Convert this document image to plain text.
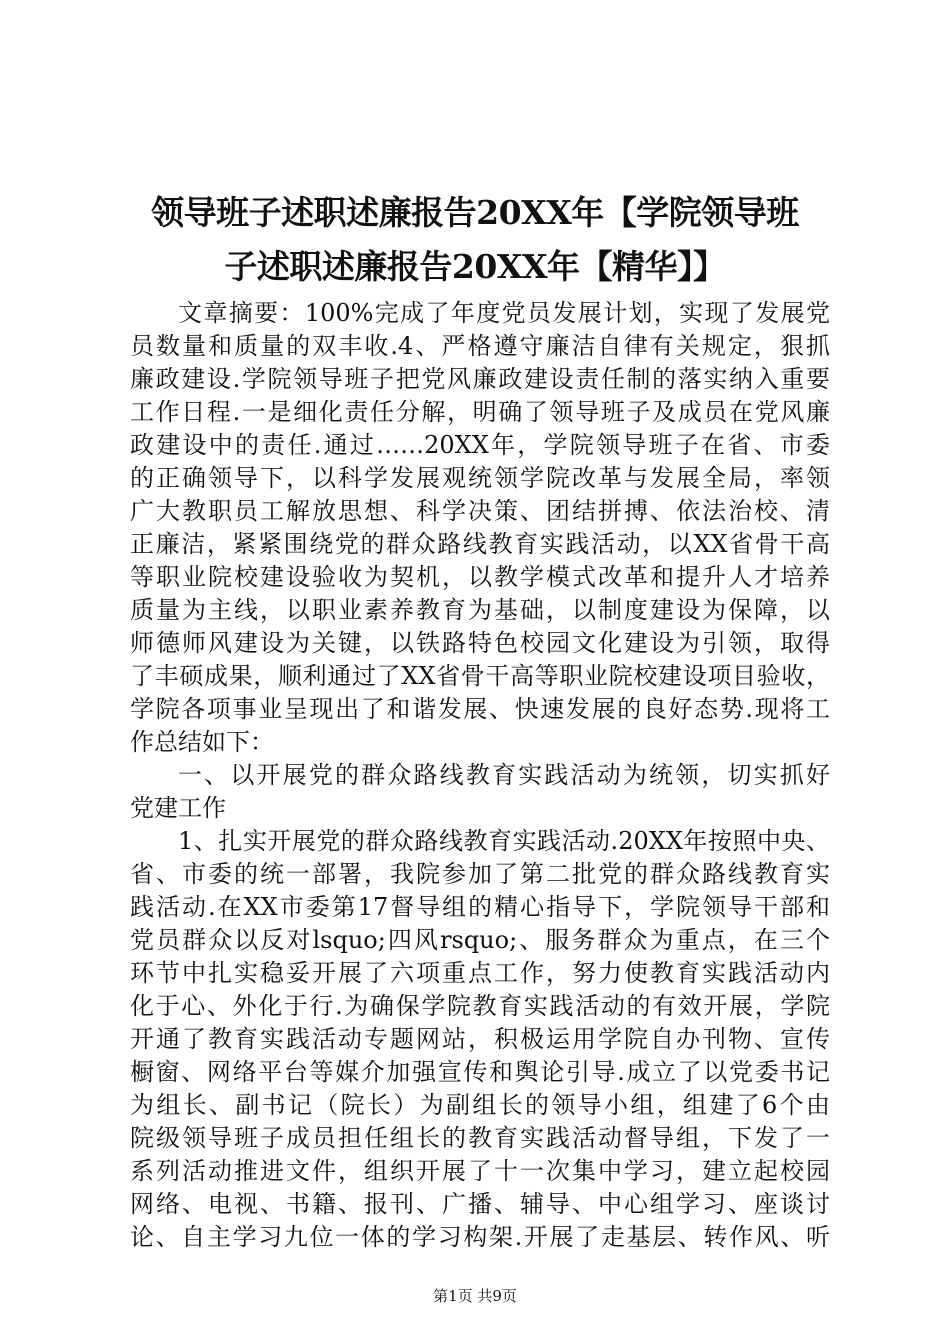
领导班子述职述廉报告20XX年【学院领导班
子述职述廉报告20XX年【精华】】
文章摘要：100%完成了年度党员发展计划，实现了发展党
员数量和质量的双丰收.4、严格遵守廉洁自律有关规定，狠抓
廉政建设.学院领导班子把党风廉政建设责任制的落实纳入重要
工作日程.一是细化责任分解，明确了领导班子及成员在党风廉
政建设中的责任.通过……20XX年，学院领导班子在省、市委
的正确领导下，以科学发展观统领学院改革与发展全局，率领
广大教职员工解放思想、科学决策、团结拼搏、依法治校、清
正廉洁，紧紧围绕党的群众路线教育实践活动，以XX省骨干高
等职业院校建设验收为契机，以教学模式改革和提升人才培养
质量为主线，以职业素养教育为基础，以制度建设为保障，以
师德师风建设为关键，以铁路特色校园文化建设为引领，取得
了丰硕成果，顺利通过了XX省骨干高等职业院校建设项目验收，
学院各项事业呈现出了和谐发展、快速发展的良好态势.现将工
作总结如下：
一、以开展党的群众路线教育实践活动为统领，切实抓好
党建工作
1、扎实开展党的群众路线教育实践活动.20XX年按照中央、
省、市委的统一部署，我院参加了第二批党的群众路线教育实
践活动.在XX市委第17督导组的精心指导下，学院领导干部和
党员群众以反对lsquo;四风rsquo;、服务群众为重点，在三个
环节中扎实稳妥开展了六项重点工作，努力使教育实践活动内
化于心、外化于行.为确保学院教育实践活动的有效开展，学院
开通了教育实践活动专题网站，积极运用学院自办刊物、宣传
橱窗、网络平台等媒介加强宣传和舆论引导.成立了以党委书记
为组长、副书记（院长）为副组长的领导小组，组建了6个由
院级领导班子成员担任组长的教育实践活动督导组，下发了一
系列活动推进文件，组织开展了十一次集中学习，建立起校园
网络、电视、书籍、报刊、广播、辅导、中心组学习、座谈讨
论、自主学习九位一体的学习构架.开展了走基层、转作风、听
第1页 共9页
